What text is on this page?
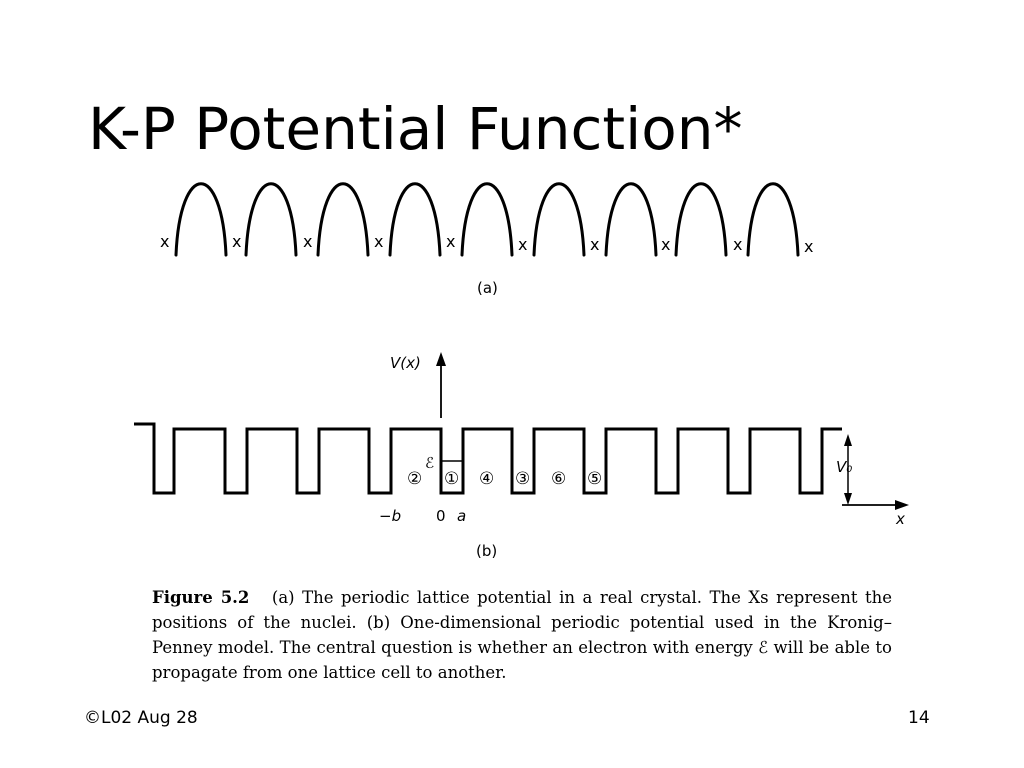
K-P Potential Function*
x	x	x	x	x	x	x	x	x	x
(a)
V(x)
ℰ	V₀
x
② ① ④ ③ ⑥ ⑤
−b 0 a
(b)
Figure 5.2 (a) The periodic lattice potential in a real crystal. The Xs represent the positions of the nuclei. (b) One-dimensional periodic potential used in the Kronig–Penney model. The central question is whether an electron with energy ℰ will be able to propagate from one lattice cell to another.
©L02 Aug 28	14
